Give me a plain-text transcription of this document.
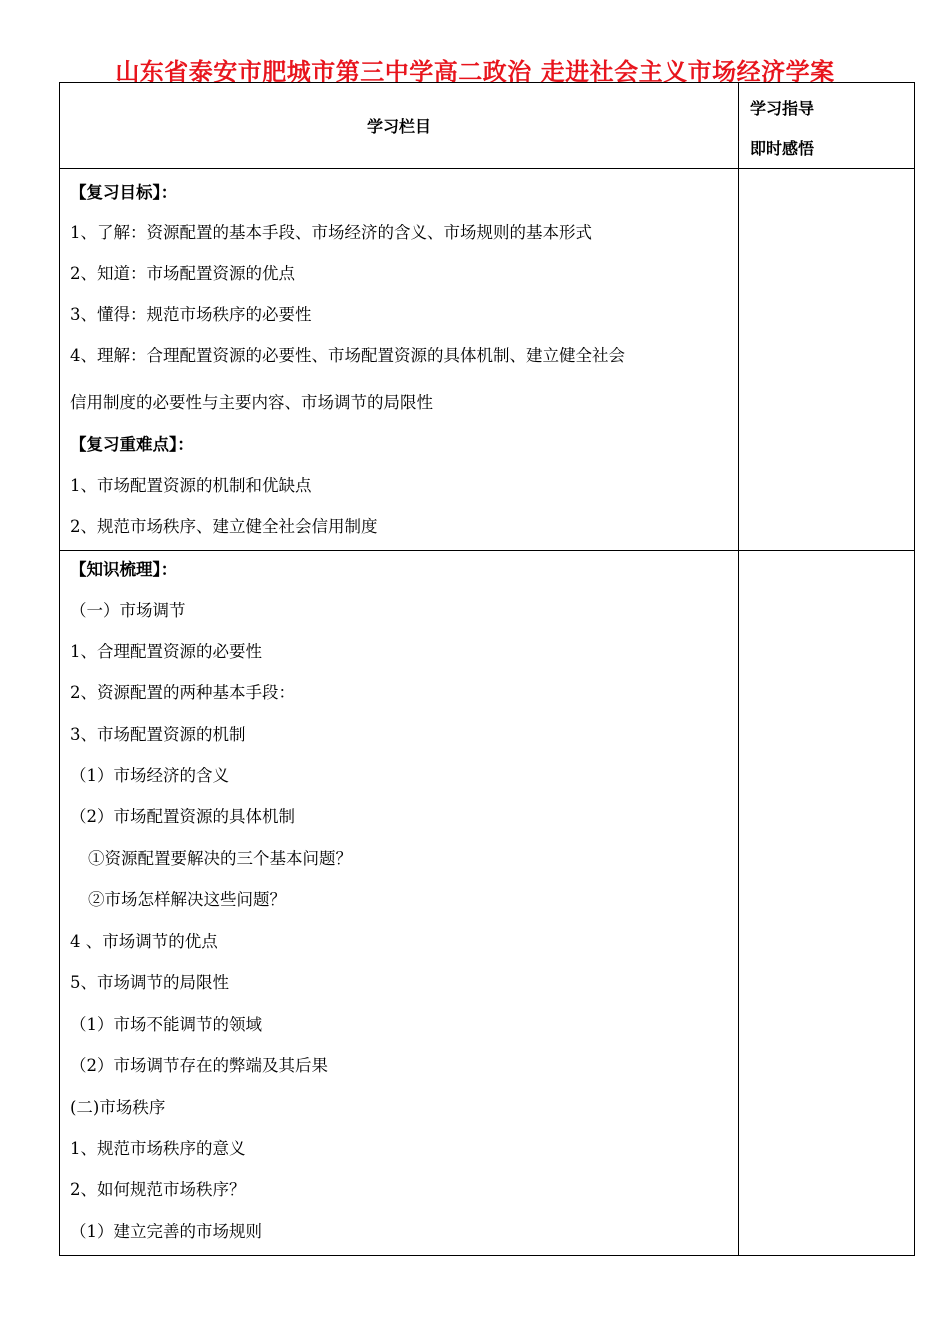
山东省泰安市肥城市第三中学高二政治 走进社会主义市场经济学案
学习栏目
学习指导
即时感悟
【复习目标】：
1、了解：资源配置的基本手段、市场经济的含义、市场规则的基本形式
2、知道：市场配置资源的优点
3、懂得：规范市场秩序的必要性
4、理解：合理配置资源的必要性、市场配置资源的具体机制、建立健全社会
信用制度的必要性与主要内容、市场调节的局限性
【复习重难点】：
1、市场配置资源的机制和优缺点
2、规范市场秩序、建立健全社会信用制度
【知识梳理】：
（一）市场调节
1、合理配置资源的必要性
2、资源配置的两种基本手段：
3、市场配置资源的机制
（1）市场经济的含义
（2）市场配置资源的具体机制
①资源配置要解决的三个基本问题？
②市场怎样解决这些问题？
4 、市场调节的优点
5、市场调节的局限性
（1）市场不能调节的领域
（2）市场调节存在的弊端及其后果
(二)市场秩序
1、规范市场秩序的意义
2、如何规范市场秩序？
（1）建立完善的市场规则
